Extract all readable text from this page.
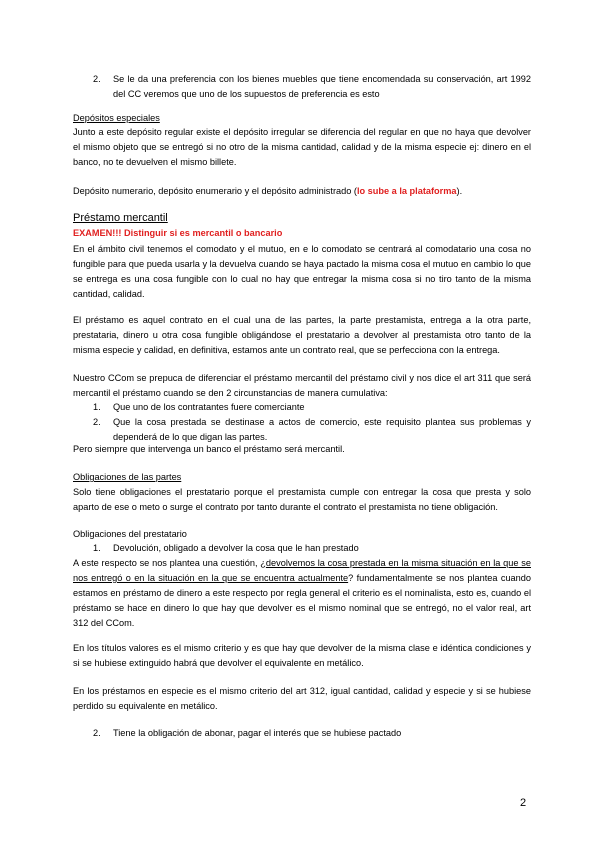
2. Se le da una preferencia con los bienes muebles que tiene encomendada su conservación, art 1992 del CC veremos que uno de los supuestos de preferencia es esto

Depósitos especiales

Junto a este depósito regular existe el depósito irregular se diferencia del regular en que no haya que devolver el mismo objeto que se entregó si no otro de la misma cantidad, calidad y de la misma especie ej: dinero en el banco, no te devuelven el mismo billete.

Depósito numerario, depósito enumerario y el depósito administrado (lo sube a la plataforma).

Préstamo mercantil
EXAMEN!!! Distinguir si es mercantil o bancario

En el ámbito civil tenemos el comodato y el mutuo, en e lo comodato se centrará al comodatario una cosa no fungible para que pueda usarla y la devuelva cuando se haya pactado la misma cosa el mutuo en cambio lo que se entrega es una cosa fungible con lo cual no hay que entregar la misma cosa si no tiro tanto de la misma cantidad, calidad.

El préstamo es aquel contrato en el cual una de las partes, la parte prestamista, entrega a la otra parte, prestataria, dinero u otra cosa fungible obligándose el prestatario a devolver al prestamista otro tanto de la misma especie y calidad, en definitiva, estamos ante un contrato real, que se perfecciona con la entrega.

Nuestro CCom se prepuca de diferenciar el préstamo mercantil del préstamo civil y nos dice el art 311 que será mercantil el préstamo cuando se den 2 circunstancias de manera cumulativa:

1. Que uno de los contratantes fuere comerciante

2. Que la cosa prestada se destinase a actos de comercio, este requisito plantea sus problemas y dependerá de lo que digan las partes.

Pero siempre que intervenga un banco el préstamo será mercantil.

Obligaciones de las partes

Solo tiene obligaciones el prestatario porque el prestamista cumple con entregar la cosa que presta y solo aparto de ese o meto o surge el contrato por tanto durante el contrato el prestamista no tiene obligación.

Obligaciones del prestatario
1. Devolución, obligado a devolver la cosa que le han prestado

A este respecto se nos plantea una cuestión, ¿devolvemos la cosa prestada en la misma situación en la que se nos entregó o en la situación en la que se encuentra actualmente? fundamentalmente se nos plantea cuando estamos en préstamo de dinero a este respecto por regla general el criterio es el nominalista, esto es, cuando el préstamo se hace en dinero lo que hay que devolver es el mismo nominal que se entregó, no el valor real, art 312 del CCom.

En los títulos valores es el mismo criterio y es que hay que devolver de la misma clase e idéntica condiciones y si se hubiese extinguido habrá que devolver el equivalente en metálico.

En los préstamos en especie es el mismo criterio del art 312, igual cantidad, calidad y especie y si se hubiese perdido su equivalente en metálico.

2. Tiene la obligación de abonar, pagar el interés que se hubiese pactado

2
